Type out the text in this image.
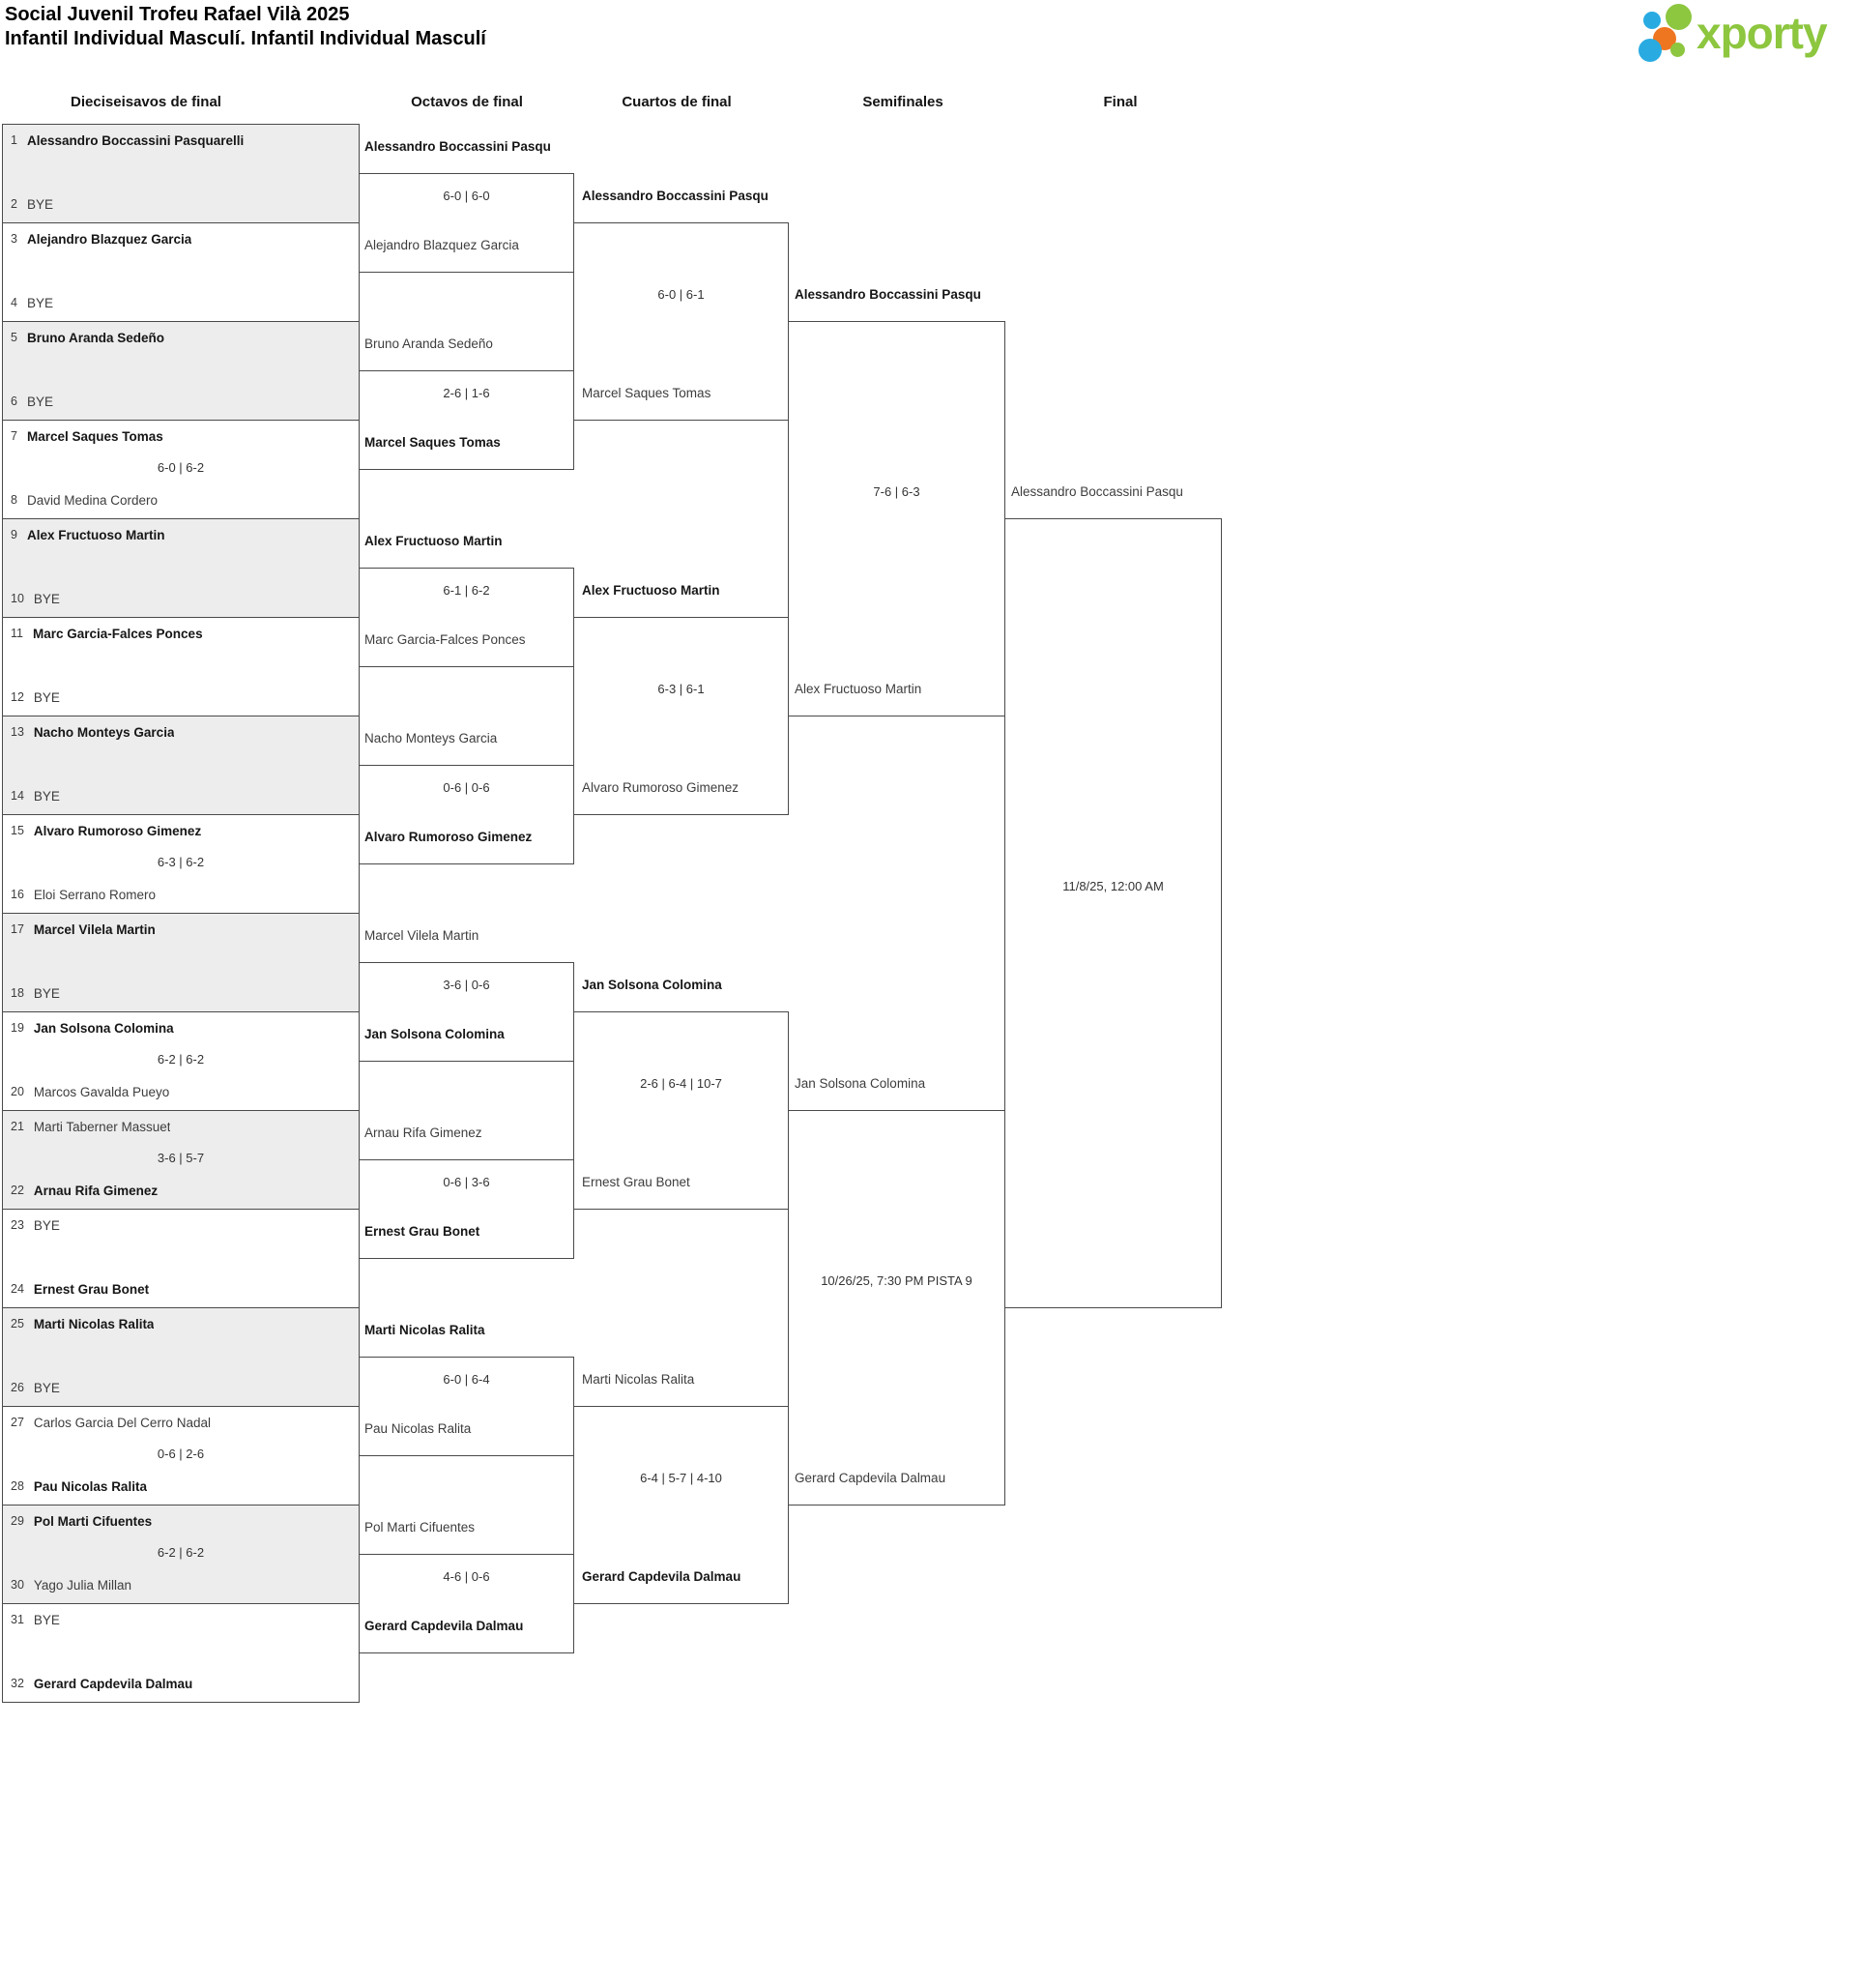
Social Juvenil Trofeu Rafael Vilà 2025
Infantil Individual Masculí. Infantil Individual Masculí	xporty
Dieciseisavos de final	Octavos de final	Cuartos de final	Semifinales	Final
1 Alessandro Boccassini Pasquarelli
2 BYE
3 Alejandro Blazquez Garcia
4 BYE
5 Bruno Aranda Sedeño
6 BYE
7 Marcel Saques Tomas
8 David Medina Cordero
6-0 | 6-2
9 Alex Fructuoso Martin
10 BYE
11 Marc Garcia-Falces Ponces
12 BYE
13 Nacho Monteys Garcia
14 BYE
15 Alvaro Rumoroso Gimenez
16 Eloi Serrano Romero
6-3 | 6-2
17 Marcel Vilela Martin
18 BYE
19 Jan Solsona Colomina
20 Marcos Gavalda Pueyo
6-2 | 6-2
21 Marti Taberner Massuet
22 Arnau Rifa Gimenez
3-6 | 5-7
23 BYE
24 Ernest Grau Bonet
25 Marti Nicolas Ralita
26 BYE
27 Carlos Garcia Del Cerro Nadal
28 Pau Nicolas Ralita
0-6 | 2-6
29 Pol Marti Cifuentes
30 Yago Julia Millan
6-2 | 6-2
31 BYE
32 Gerard Capdevila Dalmau
Alessandro Boccassini Pasqu
Alejandro Blazquez Garcia
6-0 | 6-0
Bruno Aranda Sedeño
Marcel Saques Tomas
2-6 | 1-6
Alex Fructuoso Martin
Marc Garcia-Falces Ponces
6-1 | 6-2
Nacho Monteys Garcia
Alvaro Rumoroso Gimenez
0-6 | 0-6
Marcel Vilela Martin
Jan Solsona Colomina
3-6 | 0-6
Arnau Rifa Gimenez
Ernest Grau Bonet
0-6 | 3-6
Marti Nicolas Ralita
Pau Nicolas Ralita
6-0 | 6-4
Pol Marti Cifuentes
Gerard Capdevila Dalmau
4-6 | 0-6
Alessandro Boccassini Pasqu
Marcel Saques Tomas
6-0 | 6-1
Alex Fructuoso Martin
Alvaro Rumoroso Gimenez
6-3 | 6-1
Jan Solsona Colomina
Ernest Grau Bonet
2-6 | 6-4 | 10-7
Marti Nicolas Ralita
Gerard Capdevila Dalmau
6-4 | 5-7 | 4-10
Alessandro Boccassini Pasqu
Alex Fructuoso Martin
7-6 | 6-3
Jan Solsona Colomina
Gerard Capdevila Dalmau
10/26/25, 7:30 PM PISTA 9
Alessandro Boccassini Pasqu
11/8/25, 12:00 AM
